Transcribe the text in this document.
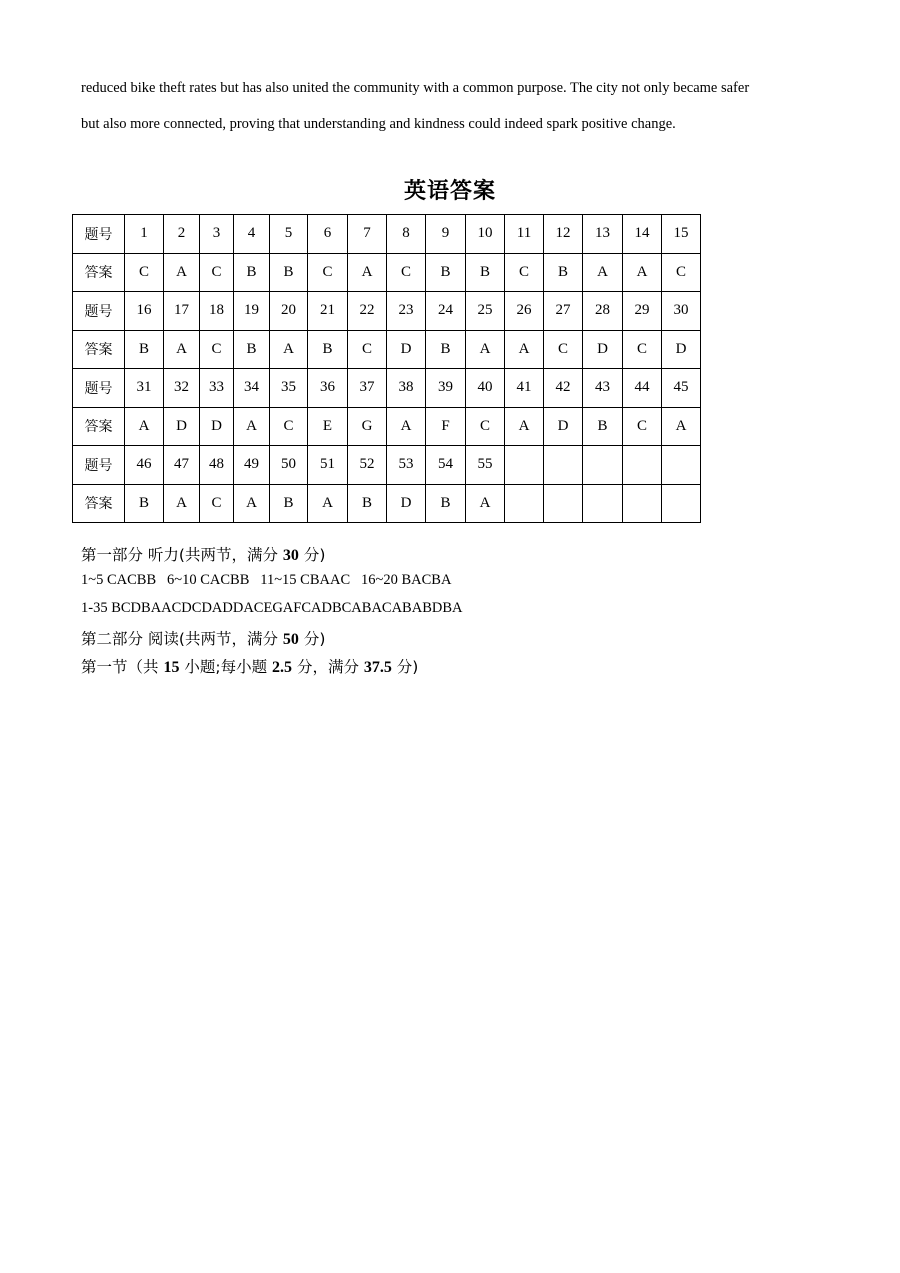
reduced bike theft rates but has also united the community with a common purpose. The city not only became safer

but also more connected, proving that understanding and kindness could indeed spark positive change.

英语答案
题号	1	2	3	4	5	6	7	8	9	10	11	12	13	14	15
答案	C	A	C	B	B	C	A	C	B	B	C	B	A	A	C
题号	16	17	18	19	20	21	22	23	24	25	26	27	28	29	30
答案	B	A	C	B	A	B	C	D	B	A	A	C	D	C	D
题号	31	32	33	34	35	36	37	38	39	40	41	42	43	44	45
答案	A	D	D	A	C	E	G	A	F	C	A	D	B	C	A
题号	46	47	48	49	50	51	52	53	54	55					
答案	B	A	C	A	B	A	B	D	B	A					

第一部分 听力(共两节，满分 30 分)

1~5 CACBB   6~10 CACBB   11~15 CBAAC   16~20 BACBA

1-35 BCDBAACDCDADDACEGAFCADBCABACABABDBA

第二部分 阅读(共两节，满分 50 分)

第一节（共 15 小题;每小题 2.5 分，满分 37.5 分)
